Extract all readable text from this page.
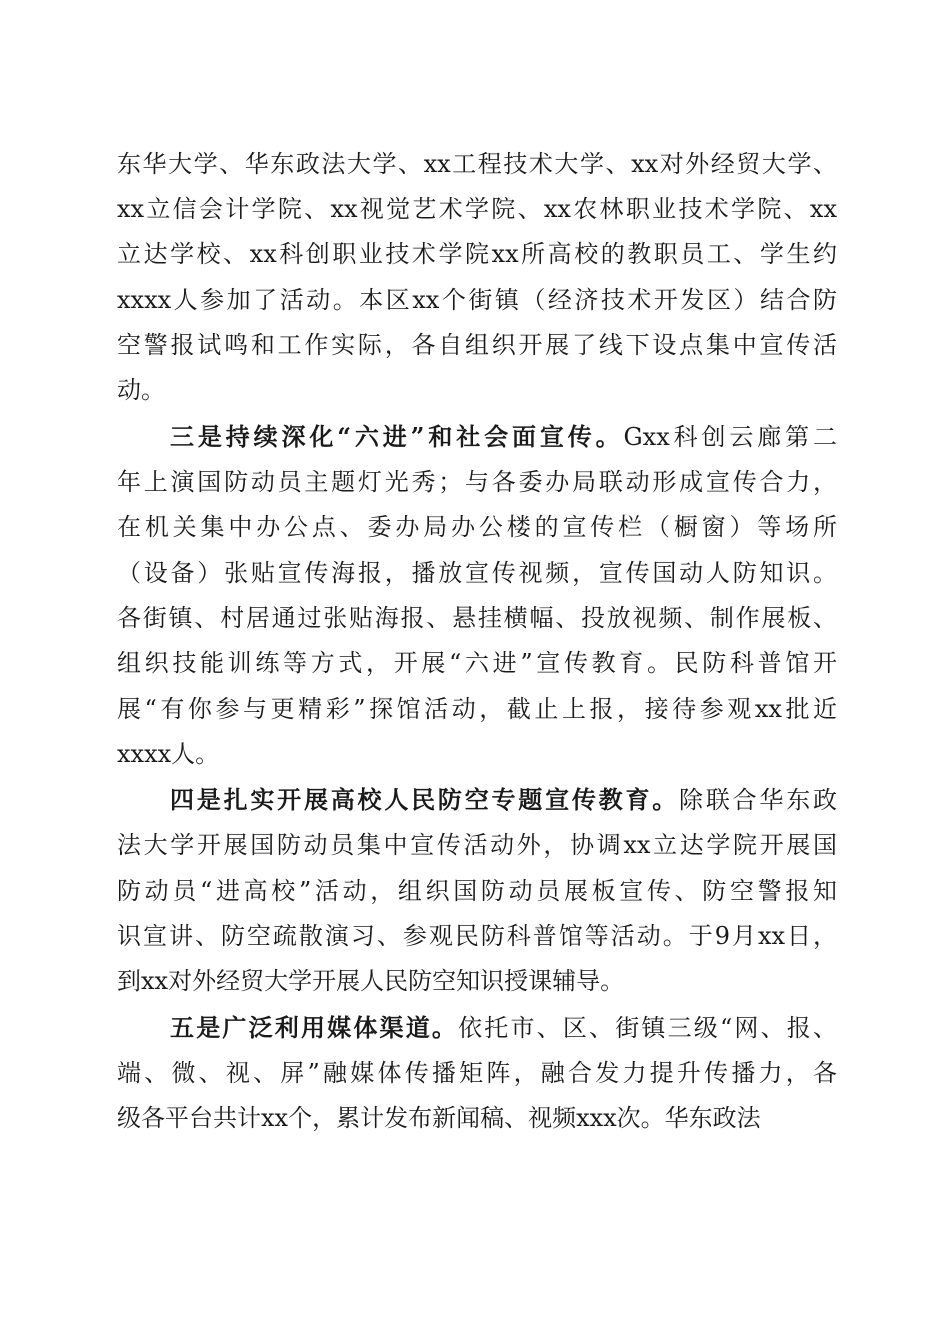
东华大学、华东政法大学、xx工程技术大学、xx对外经贸大学、
xx立信会计学院、xx视觉艺术学院、xx农林职业技术学院、xx
立达学校、xx科创职业技术学院xx所高校的教职员工、学生约
xxxx人参加了活动。本区xx个街镇（经济技术开发区）结合防
空警报试鸣和工作实际，各自组织开展了线下设点集中宣传活
动。
三是持续深化“六进”和社会面宣传。Gxx科创云廊第二
年上演国防动员主题灯光秀；与各委办局联动形成宣传合力，
在机关集中办公点、委办局办公楼的宣传栏（橱窗）等场所
（设备）张贴宣传海报，播放宣传视频，宣传国动人防知识。
各街镇、村居通过张贴海报、悬挂横幅、投放视频、制作展板、
组织技能训练等方式，开展“六进”宣传教育。民防科普馆开
展“有你参与更精彩”探馆活动，截止上报，接待参观xx批近
xxxx人。
四是扎实开展高校人民防空专题宣传教育。除联合华东政
法大学开展国防动员集中宣传活动外，协调xx立达学院开展国
防动员“进高校”活动，组织国防动员展板宣传、防空警报知
识宣讲、防空疏散演习、参观民防科普馆等活动。于9月xx日，
到xx对外经贸大学开展人民防空知识授课辅导。
五是广泛利用媒体渠道。依托市、区、街镇三级“网、报、
端、微、视、屏”融媒体传播矩阵，融合发力提升传播力，各
级各平台共计xx个，累计发布新闻稿、视频xxx次。华东政法
